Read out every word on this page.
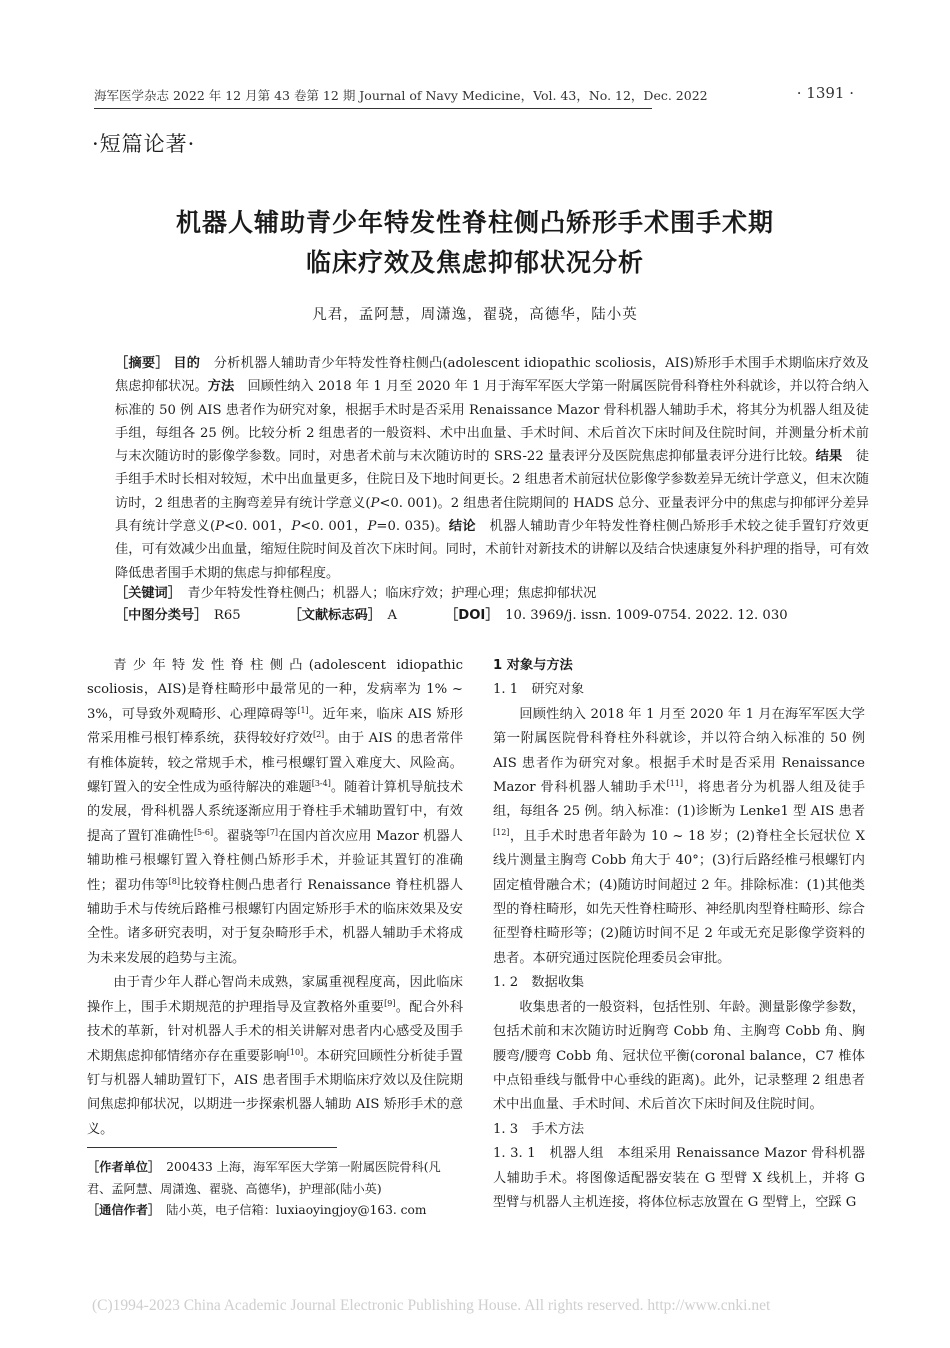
海军医学杂志 2022 年 12 月第 43 卷第 12 期 Journal of Navy Medicine，Vol. 43，No. 12，Dec. 2022	· 1391 ·
·短篇论著·
机器人辅助青少年特发性脊柱侧凸矫形手术围手术期
临床疗效及焦虑抑郁状况分析
凡君，孟阿慧，周潇逸，翟骁，高德华，陆小英
［摘要］ 目的　 分析机器人辅助青少年特发性脊柱侧凸(adolescent idiopathic scoliosis，AIS)矫形手术围手术期临床疗效及焦虑抑郁状况。方法　 回顾性纳入 2018 年 1 月至 2020 年 1 月于海军军医大学第一附属医院骨科脊柱外科就诊，并以符合纳入标准的 50 例 AIS 患者作为研究对象，根据手术时是否采用 Renaissance Mazor 骨科机器人辅助手术，将其分为机器人组及徒手组，每组各 25 例。比较分析 2 组患者的一般资料、术中出血量、手术时间、术后首次下床时间及住院时间，并测量分析术前与末次随访时的影像学参数。同时，对患者术前与末次随访时的 SRS-22 量表评分及医院焦虑抑郁量表评分进行比较。结果　 徒手组手术时长相对较短，术中出血量更多，住院日及下地时间更长。2 组患者术前冠状位影像学参数差异无统计学意义，但末次随访时，2 组患者的主胸弯差异有统计学意义(P<0. 001)。2 组患者住院期间的 HADS 总分、亚量表评分中的焦虑与抑郁评分差异具有统计学意义(P<0. 001，P<0. 001，P=0. 035)。结论　 机器人辅助青少年特发性脊柱侧凸矫形手术较之徒手置钉疗效更佳，可有效减少出血量，缩短住院时间及首次下床时间。同时，术前针对新技术的讲解以及结合快速康复外科护理的指导，可有效降低患者围手术期的焦虑与抑郁程度。
［关键词］　 青少年特发性脊柱侧凸；机器人；临床疗效；护理心理；焦虑抑郁状况
［中图分类号］　 R65	［文献标志码］　 A	［DOI］　 10. 3969/j. issn. 1009-0754. 2022. 12. 030

青少年特发性脊柱侧凸(adolescent idiopathic scoliosis，AIS)是脊柱畸形中最常见的一种，发病率为 1% ~ 3%，可导致外观畸形、心理障碍等[1]。近年来，临床 AIS 矫形常采用椎弓根钉棒系统，获得较好疗效[2]。由于 AIS 的患者常伴有椎体旋转，较之常规手术，椎弓根螺钉置入难度大、风险高。螺钉置入的安全性成为亟待解决的难题[3-4]。随着计算机导航技术的发展，骨科机器人系统逐渐应用于脊柱手术辅助置钉中，有效提高了置钉准确性[5-6]。翟骁等[7]在国内首次应用 Mazor 机器人辅助椎弓根螺钉置入脊柱侧凸矫形手术，并验证其置钉的准确性；翟功伟等[8]比较脊柱侧凸患者行 Renaissance 脊柱机器人辅助手术与传统后路椎弓根螺钉内固定矫形手术的临床效果及安全性。诸多研究表明，对于复杂畸形手术，机器人辅助手术将成为未来发展的趋势与主流。

由于青少年人群心智尚未成熟，家属重视程度高，因此临床操作上，围手术期规范的护理指导及宣教格外重要[9]。配合外科技术的革新，针对机器人手术的相关讲解对患者内心感受及围手术期焦虑抑郁情绪亦存在重要影响[10]。本研究回顾性分析徒手置钉与机器人辅助置钉下，AIS 患者围手术期临床疗效以及住院期间焦虑抑郁状况，以期进一步探索机器人辅助 AIS 矫形手术的意义。

［作者单位］　 200433 上海，海军军医大学第一附属医院骨科(凡君、孟阿慧、周潇逸、翟骁、高德华)，护理部(陆小英)

［通信作者］　 陆小英，电子信箱：luxiaoyingjoy@163. com

1 对象与方法

1. 1　 研究对象

回顾性纳入 2018 年 1 月至 2020 年 1 月在海军军医大学第一附属医院骨科脊柱外科就诊，并以符合纳入标准的 50 例 AIS 患者作为研究对象。根据手术时是否采用 Renaissance Mazor 骨科机器人辅助手术[11]，将患者分为机器人组及徒手组，每组各 25 例。纳入标准：(1)诊断为 Lenke1 型 AIS 患者[12]，且手术时患者年龄为 10 ~ 18 岁；(2)脊柱全长冠状位 X 线片测量主胸弯 Cobb 角大于 40°；(3)行后路经椎弓根螺钉内固定植骨融合术；(4)随访时间超过 2 年。排除标准：(1)其他类型的脊柱畸形，如先天性脊柱畸形、神经肌肉型脊柱畸形、综合征型脊柱畸形等；(2)随访时间不足 2 年或无充足影像学资料的患者。本研究通过医院伦理委员会审批。

1. 2　 数据收集

收集患者的一般资料，包括性别、年龄。测量影像学参数，包括术前和末次随访时近胸弯 Cobb 角、主胸弯 Cobb 角、胸腰弯/腰弯 Cobb 角、冠状位平衡(coronal balance，C7 椎体中点铅垂线与骶骨中心垂线的距离)。此外，记录整理 2 组患者术中出血量、手术时间、术后首次下床时间及住院时间。

1. 3　 手术方法

1. 3. 1　 机器人组　 本组采用 Renaissance Mazor 骨科机器人辅助手术。将图像适配器安装在 G 型臂 X 线机上，并将 G 型臂与机器人主机连接，将体位标志放置在 G 型臂上，空踩 G

(C)1994-2023 China Academic Journal Electronic Publishing House. All rights reserved. http://www.cnki.net
